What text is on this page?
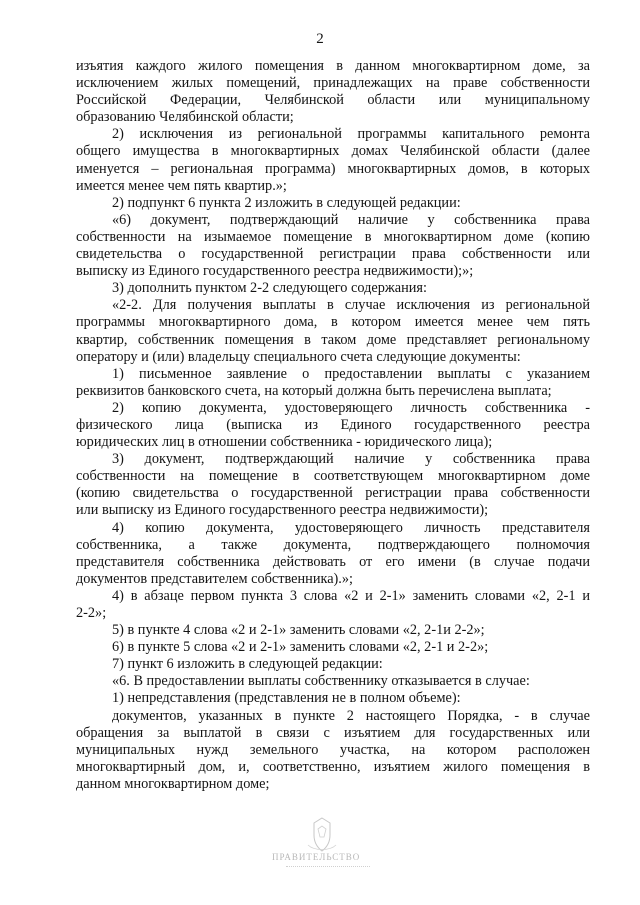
2

изъятия каждого жилого помещения в данном многоквартирном доме, за

исключением жилых помещений, принадлежащих на праве собственности

Российской Федерации, Челябинской области или муниципальному

образованию Челябинской области;

2) исключения из региональной программы капитального ремонта

общего имущества в многоквартирных домах Челябинской области (далее

именуется – региональная программа) многоквартирных домов, в которых

имеется менее чем пять квартир.»;

2) подпункт 6 пункта 2 изложить в следующей редакции:

«6) документ, подтверждающий наличие у собственника права

собственности на изымаемое помещение в многоквартирном доме (копию

свидетельства о государственной регистрации права собственности или

выписку из Единого государственного реестра недвижимости);»;

3) дополнить пунктом 2-2 следующего содержания:

«2-2. Для получения выплаты в случае исключения из региональной

программы многоквартирного дома, в котором имеется менее чем пять

квартир, собственник помещения в таком доме представляет региональному

оператору и (или) владельцу специального счета следующие документы:

1) письменное заявление о предоставлении выплаты с указанием

реквизитов банковского счета, на который должна быть перечислена выплата;

2) копию документа, удостоверяющего личность собственника -

физического лица (выписка из Единого государственного реестра

юридических лиц в отношении собственника - юридического лица);

3) документ, подтверждающий наличие у собственника права

собственности на помещение в соответствующем многоквартирном доме

(копию свидетельства о государственной регистрации права собственности

или выписку из Единого государственного реестра недвижимости);

4) копию документа, удостоверяющего личность представителя

собственника, а также документа, подтверждающего полномочия

представителя собственника действовать от его имени (в случае подачи

документов представителем собственника).»;

4) в абзаце первом пункта 3 слова «2 и 2-1» заменить словами «2, 2-1 и

2-2»;

5) в пункте 4 слова «2 и 2-1» заменить словами «2, 2-1и 2-2»;

6) в пункте 5 слова «2 и 2-1» заменить словами «2, 2-1 и 2-2»;

7) пункт 6 изложить в следующей редакции:

«6. В предоставлении выплаты собственнику отказывается в случае:

1) непредставления (представления не в полном объеме):

документов, указанных в пункте 2 настоящего Порядка, - в случае

обращения за выплатой в связи с изъятием для государственных или

муниципальных нужд земельного участка, на котором расположен

многоквартирный дом, и, соответственно, изъятием жилого помещения в

данном многоквартирном доме;

ПРАВИТЕЛЬСТВО
